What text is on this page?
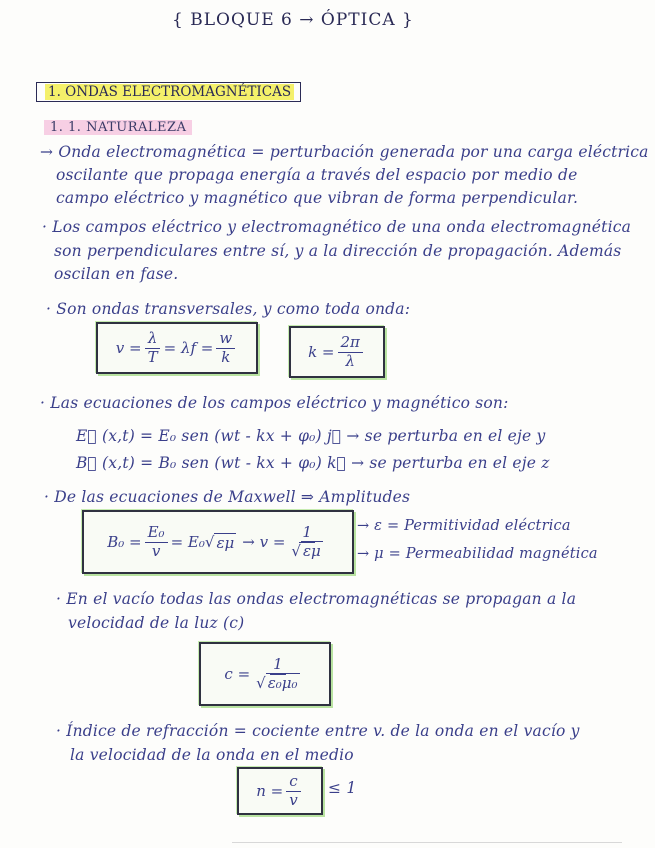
{ BLOQUE 6 → ÓPTICA }
1. ONDAS ELECTROMAGNÉTICAS
1. 1. NATURALEZA
→ Onda electromagnética = perturbación generada por una carga eléctrica
oscilante que propaga energía a través del espacio por medio de
campo eléctrico y magnético que vibran de forma perpendicular.
· Los campos eléctrico y electromagnético de una onda electromagnética
son perpendiculares entre sí, y a la dirección de propagación. Además
oscilan en fase.
· Son ondas transversales, y como toda onda:
$v = \frac{\lambda}{T} = \lambda f = \frac{w}{k}$	$k = \frac{2\pi}{\lambda}$
· Las ecuaciones de los campos eléctrico y magnético son:
E⃗ (x,t) = E₀ sen (wt - kx + φ₀) j⃗ → se perturba en el eje y
B⃗ (x,t) = B₀ sen (wt - kx + φ₀) k⃗ → se perturba en el eje z
· De las ecuaciones de Maxwell ⇒ Amplitudes
$B_0 = \frac{\text{E₀}}{v} = E_0$ √ $\varepsilon\mu \to v = \frac{1}{√ \varepsilon\mu} \to \varepsilon$ = Permitividad eléctrica
→ μ = Permeabilidad magnética
· En el vacío todas las ondas electromagnéticas se propagan a la
velocidad de la luz (c)
$c = \frac{1}{\text{√ ε₀μ₀}}$
· Índice de refracción = cociente entre v. de la onda en el vacío y
la velocidad de la onda en el medio
$n = \frac{c}{v} \le 1$
